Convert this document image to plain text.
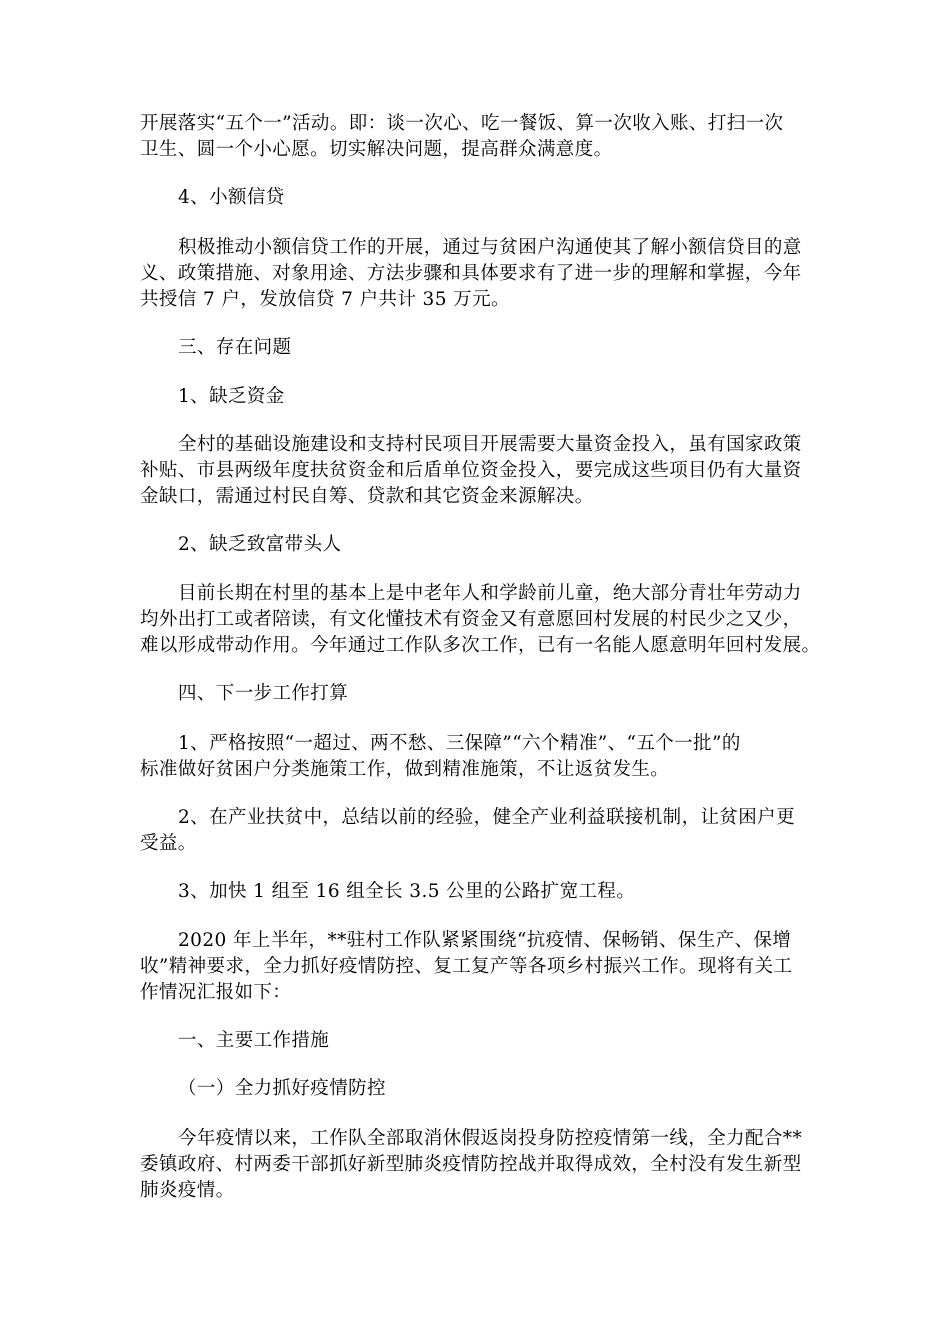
开展落实“五个一”活动。即：谈一次心、吃一餐饭、算一次收入账、打扫一次
卫生、圆一个小心愿。切实解决问题，提高群众满意度。
4、小额信贷
积极推动小额信贷工作的开展，通过与贫困户沟通使其了解小额信贷目的意
义、政策措施、对象用途、方法步骤和具体要求有了进一步的理解和掌握，今年
共授信 7 户，发放信贷 7 户共计 35 万元。
三、存在问题
1、缺乏资金
全村的基础设施建设和支持村民项目开展需要大量资金投入，虽有国家政策
补贴、市县两级年度扶贫资金和后盾单位资金投入，要完成这些项目仍有大量资
金缺口，需通过村民自筹、贷款和其它资金来源解决。
2、缺乏致富带头人
目前长期在村里的基本上是中老年人和学龄前儿童，绝大部分青壮年劳动力
均外出打工或者陪读，有文化懂技术有资金又有意愿回村发展的村民少之又少，
难以形成带动作用。今年通过工作队多次工作，已有一名能人愿意明年回村发展。
四、下一步工作打算
1、严格按照“一超过、两不愁、三保障”“六个精准”、“五个一批”的
标准做好贫困户分类施策工作，做到精准施策，不让返贫发生。
2、在产业扶贫中，总结以前的经验，健全产业利益联接机制，让贫困户更
受益。
3、加快 1 组至 16 组全长 3.5 公里的公路扩宽工程。
2020 年上半年，**驻村工作队紧紧围绕“抗疫情、保畅销、保生产、保增
收”精神要求，全力抓好疫情防控、复工复产等各项乡村振兴工作。现将有关工
作情况汇报如下：
一、主要工作措施
（一）全力抓好疫情防控
今年疫情以来，工作队全部取消休假返岗投身防控疫情第一线，全力配合**
委镇政府、村两委干部抓好新型肺炎疫情防控战并取得成效，全村没有发生新型
肺炎疫情。
